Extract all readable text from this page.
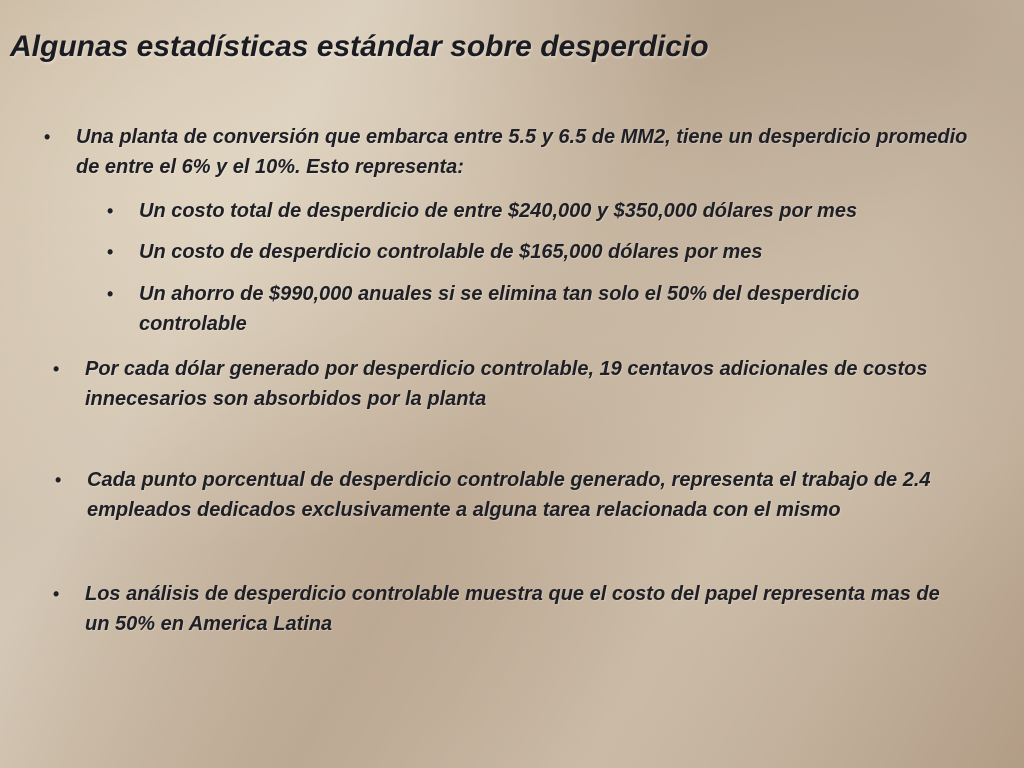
Algunas estadísticas estándar sobre desperdicio
•	Una planta de conversión que embarca entre 5.5 y 6.5 de MM2, tiene un desperdicio promedio de entre el 6% y el 10%. Esto representa:
•	Un costo total de desperdicio de entre $240,000 y $350,000 dólares por mes
•	Un costo de desperdicio controlable de $165,000 dólares por mes
•	Un ahorro de $990,000 anuales si se elimina tan solo el 50% del desperdicio controlable
•	Por cada dólar generado por desperdicio controlable, 19 centavos adicionales de costos innecesarios son absorbidos por la planta
•	Cada punto porcentual de desperdicio controlable generado, representa el trabajo de 2.4 empleados dedicados exclusivamente a alguna tarea relacionada con el mismo
•	Los análisis de desperdicio controlable muestra que el costo del papel representa mas de un 50% en America Latina
